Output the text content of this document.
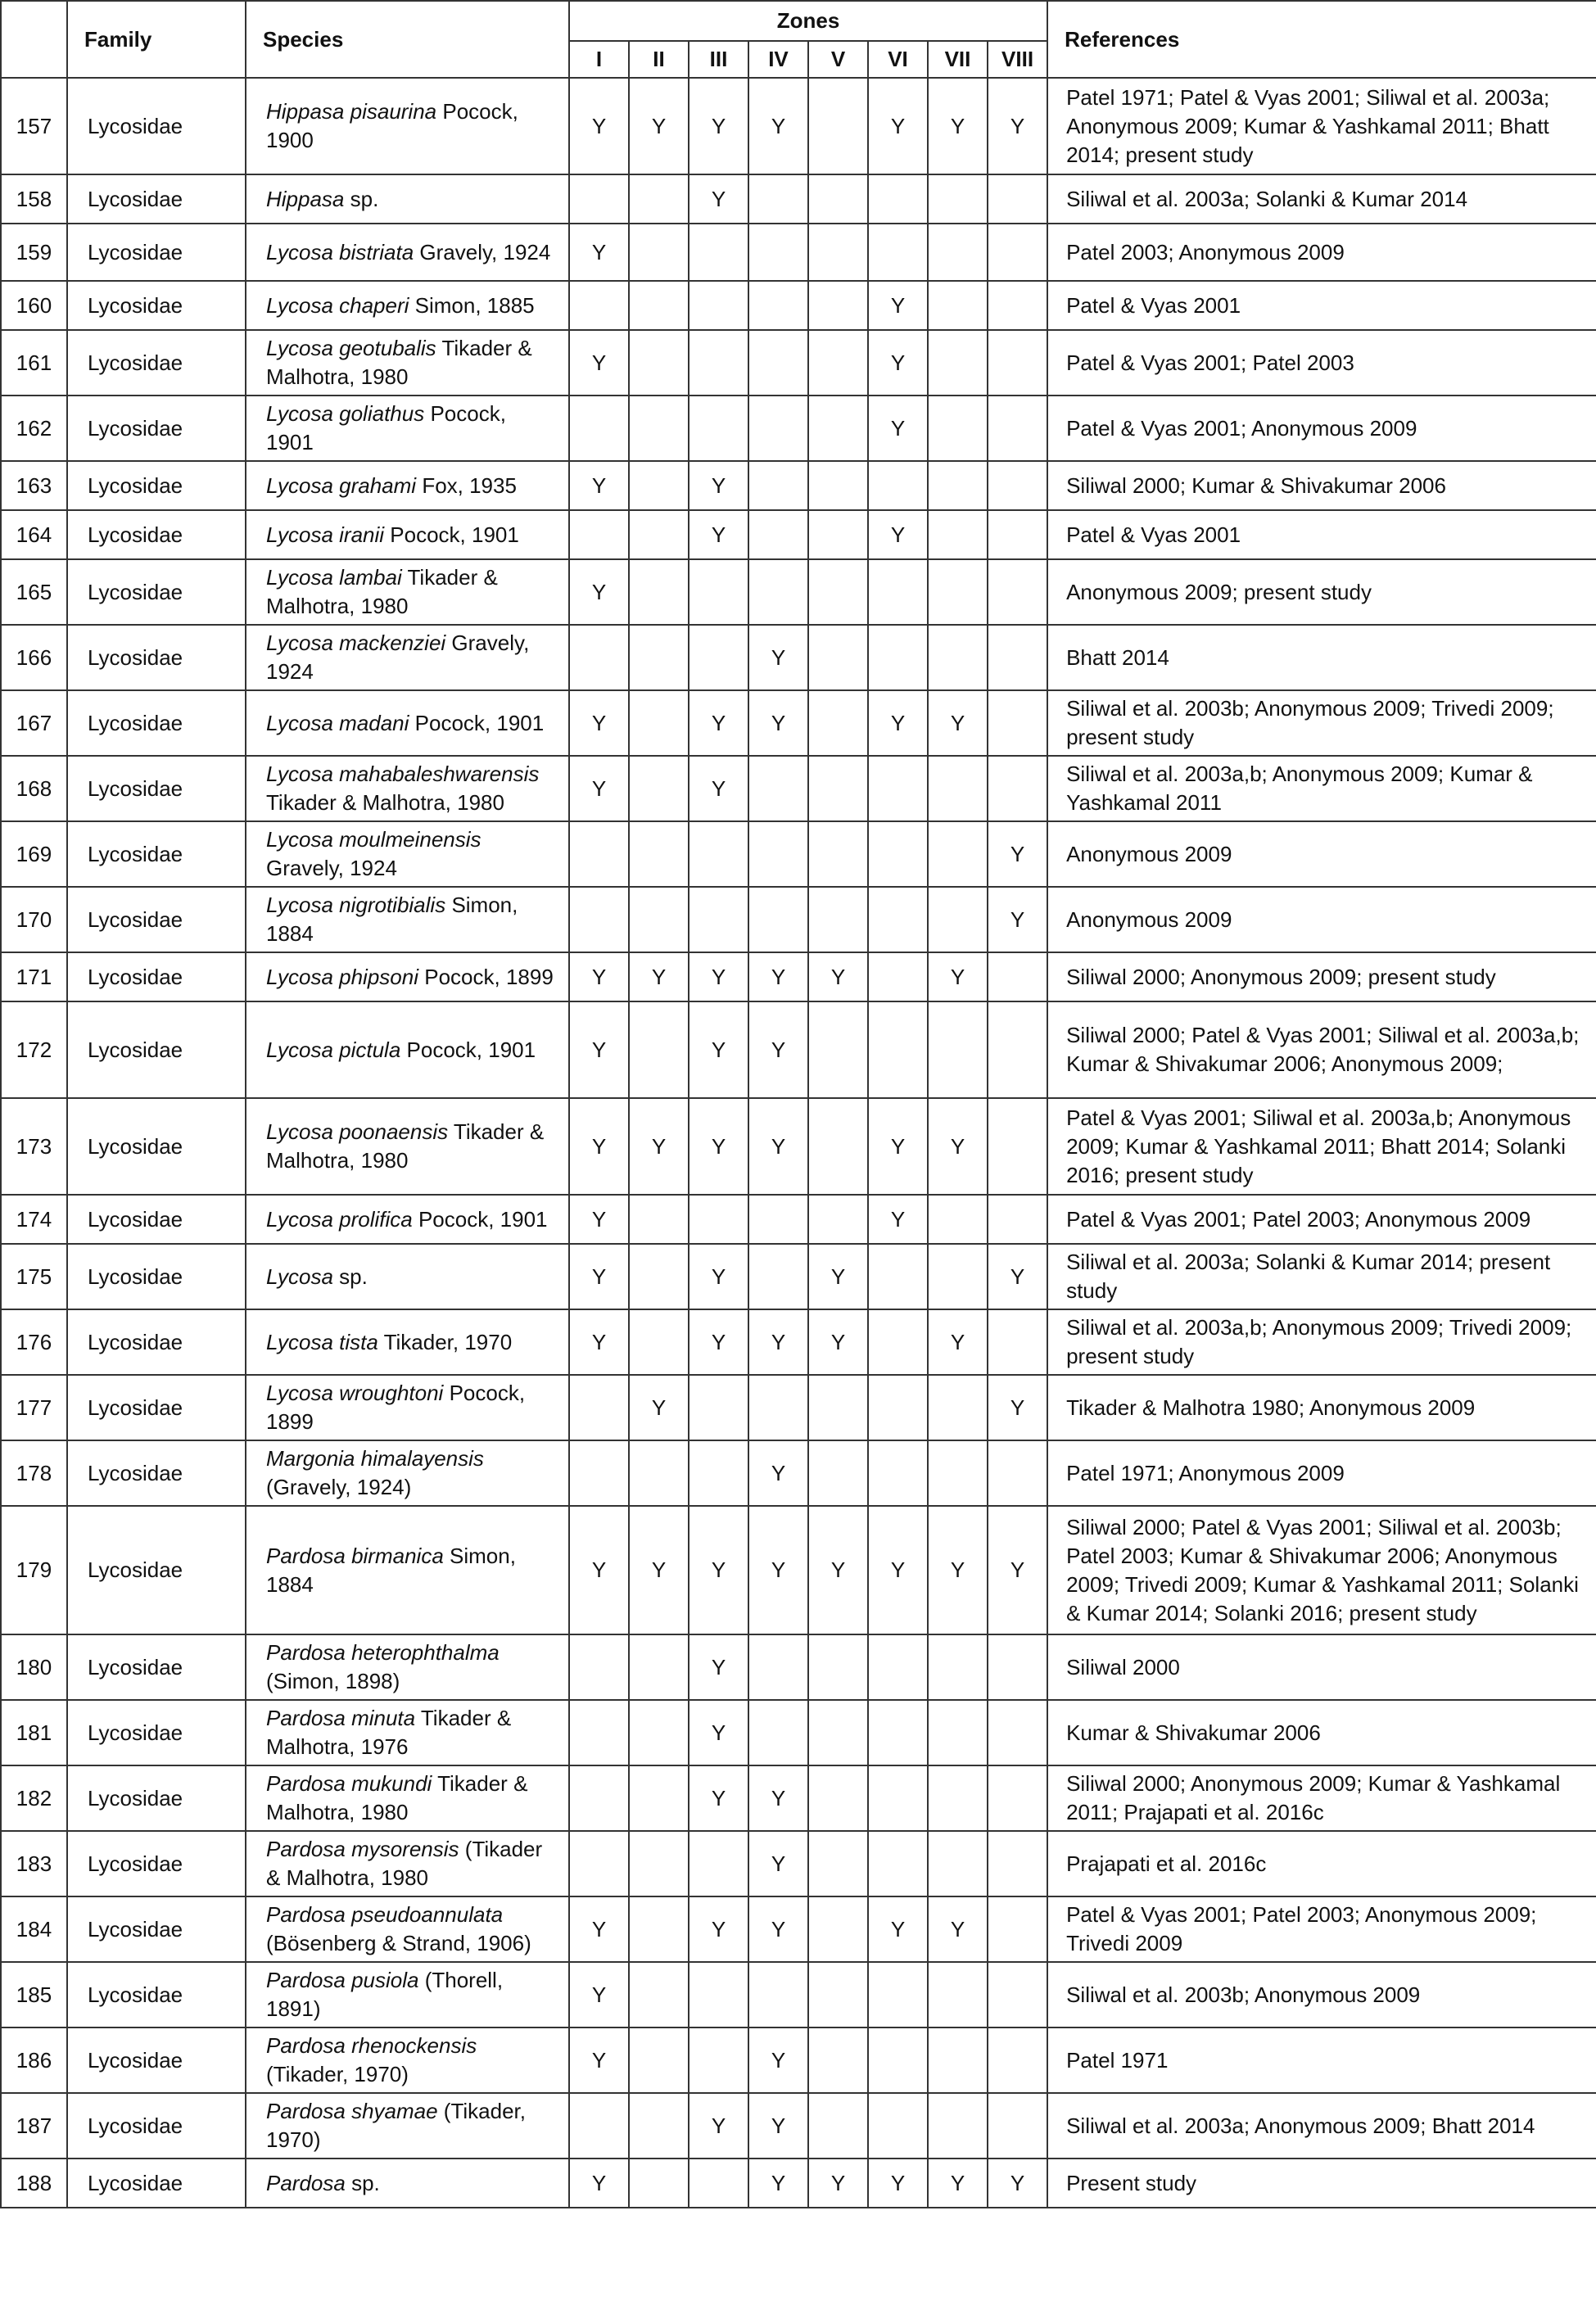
	Family	Species	Zones								References
			I	II	III	IV	V	VI	VII	VIII	
157	Lycosidae	Hippasa pisaurina Pocock, 1900	Y	Y	Y	Y		Y	Y	Y	Patel 1971; Patel & Vyas 2001; Siliwal et al. 2003a; Anonymous 2009; Kumar & Yashkamal 2011; Bhatt 2014; present study
158	Lycosidae	Hippasa sp.			Y						Siliwal et al. 2003a; Solanki & Kumar 2014
159	Lycosidae	Lycosa bistriata Gravely, 1924	Y								Patel 2003; Anonymous 2009
160	Lycosidae	Lycosa chaperi Simon, 1885						Y			Patel & Vyas 2001
161	Lycosidae	Lycosa geotubalis Tikader & Malhotra, 1980	Y					Y			Patel & Vyas 2001; Patel 2003
162	Lycosidae	Lycosa goliathus Pocock, 1901						Y			Patel & Vyas 2001; Anonymous 2009
163	Lycosidae	Lycosa grahami Fox, 1935	Y		Y						Siliwal 2000; Kumar & Shivakumar 2006
164	Lycosidae	Lycosa iranii Pocock, 1901			Y			Y			Patel & Vyas 2001
165	Lycosidae	Lycosa lambai Tikader & Malhotra, 1980	Y								Anonymous 2009; present study
166	Lycosidae	Lycosa mackenziei Gravely, 1924				Y					Bhatt 2014
167	Lycosidae	Lycosa madani Pocock, 1901	Y		Y	Y		Y	Y		Siliwal et al. 2003b; Anonymous 2009; Trivedi 2009; present study
168	Lycosidae	Lycosa mahabaleshwarensis Tikader & Malhotra, 1980	Y		Y						Siliwal et al. 2003a,b; Anonymous 2009; Kumar & Yashkamal 2011
169	Lycosidae	Lycosa moulmeinensis Gravely, 1924								Y	Anonymous 2009
170	Lycosidae	Lycosa nigrotibialis Simon, 1884								Y	Anonymous 2009
171	Lycosidae	Lycosa phipsoni Pocock, 1899	Y	Y	Y	Y	Y		Y		Siliwal 2000; Anonymous 2009; present study
172	Lycosidae	Lycosa pictula Pocock, 1901	Y		Y	Y					Siliwal 2000; Patel & Vyas 2001; Siliwal et al. 2003a,b; Kumar & Shivakumar 2006; Anonymous 2009;
173	Lycosidae	Lycosa poonaensis Tikader & Malhotra, 1980	Y	Y	Y	Y		Y	Y		Patel & Vyas 2001; Siliwal et al. 2003a,b; Anonymous 2009; Kumar & Yashkamal 2011; Bhatt 2014; Solanki 2016; present study
174	Lycosidae	Lycosa prolifica Pocock, 1901	Y					Y			Patel & Vyas 2001; Patel 2003; Anonymous 2009
175	Lycosidae	Lycosa sp.	Y		Y		Y			Y	Siliwal et al. 2003a; Solanki & Kumar 2014; present study
176	Lycosidae	Lycosa tista Tikader, 1970	Y		Y	Y	Y		Y		Siliwal et al. 2003a,b; Anonymous 2009; Trivedi 2009; present study
177	Lycosidae	Lycosa wroughtoni Pocock, 1899		Y						Y	Tikader & Malhotra 1980; Anonymous 2009
178	Lycosidae	Margonia himalayensis (Gravely, 1924)				Y					Patel 1971; Anonymous 2009
179	Lycosidae	Pardosa birmanica Simon, 1884	Y	Y	Y	Y	Y	Y	Y	Y	Siliwal 2000; Patel & Vyas 2001; Siliwal et al. 2003b; Patel 2003; Kumar & Shivakumar 2006; Anonymous 2009; Trivedi 2009; Kumar & Yashkamal 2011; Solanki & Kumar 2014; Solanki 2016; present study
180	Lycosidae	Pardosa heterophthalma (Simon, 1898)			Y						Siliwal 2000
181	Lycosidae	Pardosa minuta Tikader & Malhotra, 1976			Y						Kumar & Shivakumar 2006
182	Lycosidae	Pardosa mukundi Tikader & Malhotra, 1980			Y	Y					Siliwal 2000; Anonymous 2009; Kumar & Yashkamal 2011; Prajapati et al. 2016c
183	Lycosidae	Pardosa mysorensis (Tikader & Malhotra, 1980				Y					Prajapati et al. 2016c
184	Lycosidae	Pardosa pseudoannulata (Bösenberg & Strand, 1906)	Y		Y	Y		Y	Y		Patel & Vyas 2001; Patel 2003; Anonymous 2009; Trivedi 2009
185	Lycosidae	Pardosa pusiola (Thorell, 1891)	Y								Siliwal et al. 2003b; Anonymous 2009
186	Lycosidae	Pardosa rhenockensis (Tikader, 1970)	Y			Y					Patel 1971
187	Lycosidae	Pardosa shyamae (Tikader, 1970)			Y	Y					Siliwal et al. 2003a; Anonymous 2009; Bhatt 2014
188	Lycosidae	Pardosa sp.	Y			Y	Y	Y	Y	Y	Present study
